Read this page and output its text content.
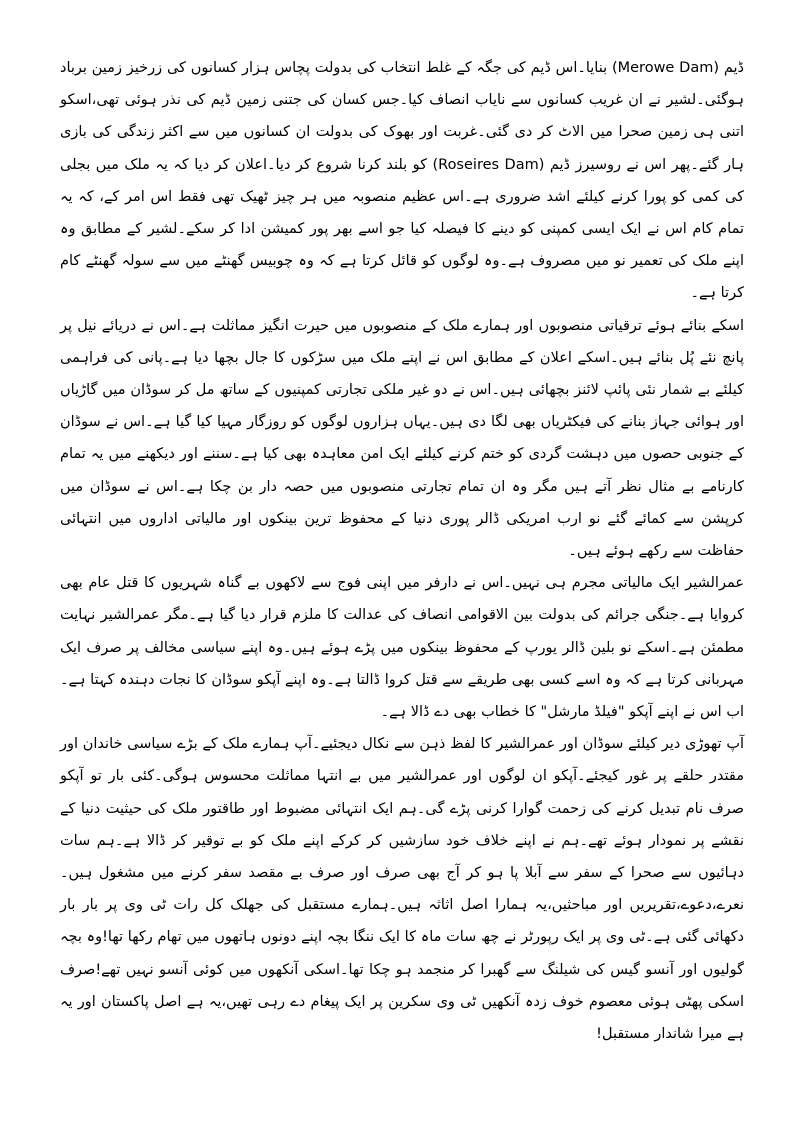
ڈیم (Merowe Dam) بنایا۔اس ڈیم کی جگہ کے غلط انتخاب کی بدولت پچاس ہزار کسانوں کی زرخیز زمین برباد ہوگئی۔لشیر نے ان غریب کسانوں سے نایاب انصاف کیا۔جس کسان کی جتنی زمین ڈیم کی نذر ہوئی تھی،اسکو اتنی ہی زمین صحرا میں الاٹ کر دی گئی۔غربت اور بھوک کی بدولت ان کسانوں میں سے اکثر زندگی کی بازی ہار گئے۔پھر اس نے روسیرز ڈیم (Roseires Dam) کو بلند کرنا شروع کر دیا۔اعلان کر دیا کہ یہ ملک میں بجلی کی کمی کو پورا کرنے کیلئے اشد ضروری ہے۔اس عظیم منصوبہ میں ہر چیز ٹھیک تھی فقط اس امر کے، کہ یہ تمام کام اس نے ایک ایسی کمپنی کو دینے کا فیصلہ کیا جو اسے بھر پور کمیشن ادا کر سکے۔لشیر کے مطابق وہ اپنے ملک کی تعمیر نو میں مصروف ہے۔وہ لوگوں کو قائل کرتا ہے کہ وہ چوبیس گھنٹے میں سے سولہ گھنٹے کام کرتا ہے۔

اسکے بنائے ہوئے ترقیاتی منصوبوں اور ہمارے ملک کے منصوبوں میں حیرت انگیز مماثلت ہے۔اس نے دریائے نیل پر پانچ نئے پُل بنائے ہیں۔اسکے اعلان کے مطابق اس نے اپنے ملک میں سڑکوں کا جال بچھا دیا ہے۔پانی کی فراہمی کیلئے بے شمار نئی پائپ لائنز بچھائی ہیں۔اس نے دو غیر ملکی تجارتی کمپنیوں کے ساتھ مل کر سوڈان میں گاڑیاں اور ہوائی جہاز بنانے کی فیکٹریاں بھی لگا دی ہیں۔یہاں ہزاروں لوگوں کو روزگار مہیا کیا گیا ہے۔اس نے سوڈان کے جنوبی حصوں میں دہشت گردی کو ختم کرنے کیلئے ایک امن معاہدہ بھی کیا ہے۔سننے اور دیکھنے میں یہ تمام کارنامے بے مثال نظر آتے ہیں مگر وہ ان تمام تجارتی منصوبوں میں حصہ دار بن چکا ہے۔اس نے سوڈان میں کرپشن سے کمائے گئے نو ارب امریکی ڈالر پوری دنیا کے محفوظ ترین بینکوں اور مالیاتی اداروں میں انتہائی حفاظت سے رکھے ہوئے ہیں۔

عمرالشیر ایک مالیاتی مجرم ہی نہیں۔اس نے دارفر میں اپنی فوج سے لاکھوں بے گناہ شہریوں کا قتل عام بھی کروایا ہے۔جنگی جرائم کی بدولت بین الاقوامی انصاف کی عدالت کا ملزم قرار دیا گیا ہے۔مگر عمرالشیر نہایت مطمئن ہے۔اسکے نو بلین ڈالر یورپ کے محفوظ بینکوں میں پڑے ہوئے ہیں۔وہ اپنے سیاسی مخالف پر صرف ایک مہربانی کرتا ہے کہ وہ اسے کسی بھی طریقے سے قتل کروا ڈالتا ہے۔وہ اپنے آپکو سوڈان کا نجات دہندہ کہتا ہے۔اب اس نے اپنے آپکو "فیلڈ مارشل" کا خطاب بھی دے ڈالا ہے۔

آپ تھوڑی دیر کیلئے سوڈان اور عمرالشیر کا لفظ ذہن سے نکال دیجئیے۔آپ ہمارے ملک کے بڑے سیاسی خاندان اور مقتدر حلقے پر غور کیجئے۔آپکو ان لوگوں اور عمرالشیر میں بے انتہا مماثلت محسوس ہوگی۔کئی بار تو آپکو صرف نام تبدیل کرنے کی زحمت گوارا کرنی پڑے گی۔ہم ایک انتہائی مضبوط اور طاقتور ملک کی حیثیت دنیا کے نقشے پر نمودار ہوئے تھے۔ہم نے اپنے خلاف خود سازشیں کر کرکے اپنے ملک کو بے توقیر کر ڈالا ہے۔ہم سات دہائیوں سے صحرا کے سفر سے آبلا پا ہو کر آج بھی صرف اور صرف بے مقصد سفر کرنے میں مشغول ہیں۔نعرے،دعوے،تقریریں اور مباحثیں،یہ ہمارا اصل اثاثہ ہیں۔ہمارے مستقبل کی جھلک کل رات ٹی وی پر بار بار دکھائی گئی ہے۔ٹی وی پر ایک رپورٹر نے چھ سات ماہ کا ایک ننگا بچہ اپنے دونوں ہاتھوں میں تھام رکھا تھا!وہ بچہ گولیوں اور آنسو گیس کی شیلنگ سے گھبرا کر منجمد ہو چکا تھا۔اسکی آنکھوں میں کوئی آنسو نہیں تھے!صرف اسکی پھٹی ہوئی معصوم خوف زدہ آنکھیں ٹی وی سکرین پر ایک پیغام دے رہی تھیں،یہ ہے اصل پاکستان اور یہ ہے میرا شاندار مستقبل!
